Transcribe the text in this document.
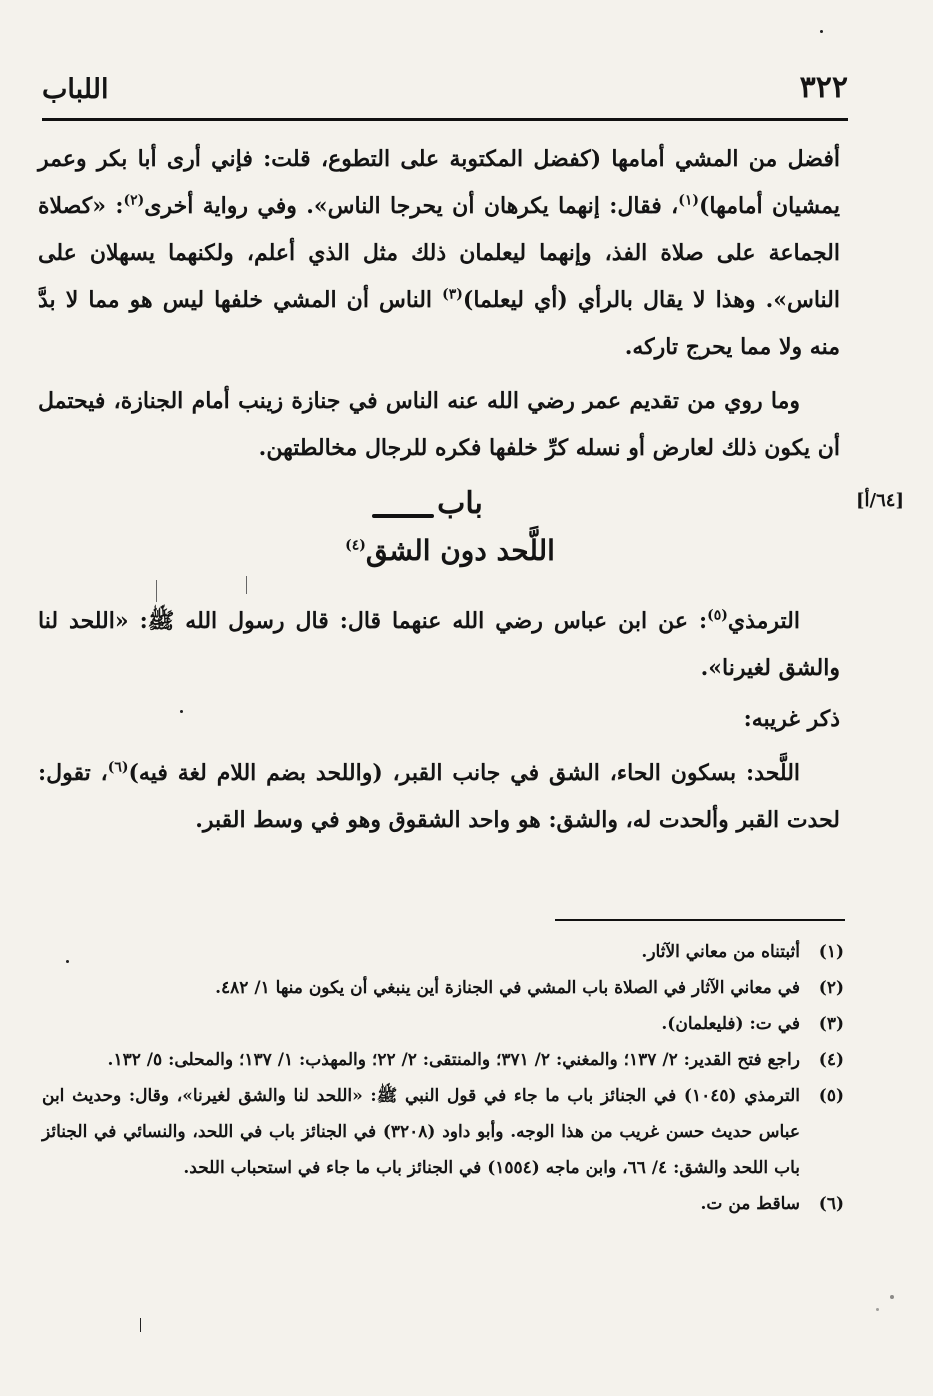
٣٢٢
اللباب
أفضل من المشي أمامها (كفضل المكتوبة على التطوع، قلت: فإني أرى أبا بكر وعمر يمشيان أمامها)$^{(١)}$، فقال: إنهما يكرهان أن يحرجا الناس». وفي رواية أخرى$^{(٢)}$: «كصلاة الجماعة على صلاة الفذ، وإنهما ليعلمان ذلك مثل الذي أعلم، ولكنهما يسهلان على الناس». وهذا لا يقال بالرأي (أي ليعلما)$^{(٣)}$ الناس أن المشي خلفها ليس هو مما لا بدَّ منه ولا مما يحرج تاركه.
وما روي من تقديم عمر رضي الله عنه الناس في جنازة زينب أمام الجنازة، فيحتمل أن يكون ذلك لعارض أو نسله كرِّ خلفها فكره للرجال مخالطتهن.
[٦٤/أ]
باب
اللَّحد دون الشق$^{(٤)}$
الترمذي$^{(٥)}$: عن ابن عباس رضي الله عنهما قال: قال رسول الله ﷺ: «اللحد لنا والشق لغيرنا».
ذكر غريبه:
اللَّحد: بسكون الحاء، الشق في جانب القبر، (واللحد بضم اللام لغة فيه)$^{(٦)}$، تقول: لحدت القبر وألحدت له، والشق: هو واحد الشقوق وهو في وسط القبر.
(١)
أثبتناه من معاني الآثار.
(٢)
في معاني الآثار في الصلاة باب المشي في الجنازة أين ينبغي أن يكون منها ١/ ٤٨٢.
(٣)
في ت: (فليعلمان).
(٤)
راجع فتح القدير: ٢/ ١٣٧؛ والمغني: ٢/ ٣٧١؛ والمنتقى: ٢/ ٢٢؛ والمهذب: ١/ ١٣٧؛ والمحلى: ٥/ ١٣٢.
(٥)
الترمذي (١٠٤٥) في الجنائز باب ما جاء في قول النبي ﷺ: «اللحد لنا والشق لغيرنا»، وقال: وحديث ابن عباس حديث حسن غريب من هذا الوجه. وأبو داود (٣٢٠٨) في الجنائز باب في اللحد، والنسائي في الجنائز باب اللحد والشق: ٤/ ٦٦، وابن ماجه (١٥٥٤) في الجنائز باب ما جاء في استحباب اللحد.
(٦)
ساقط من ت.
